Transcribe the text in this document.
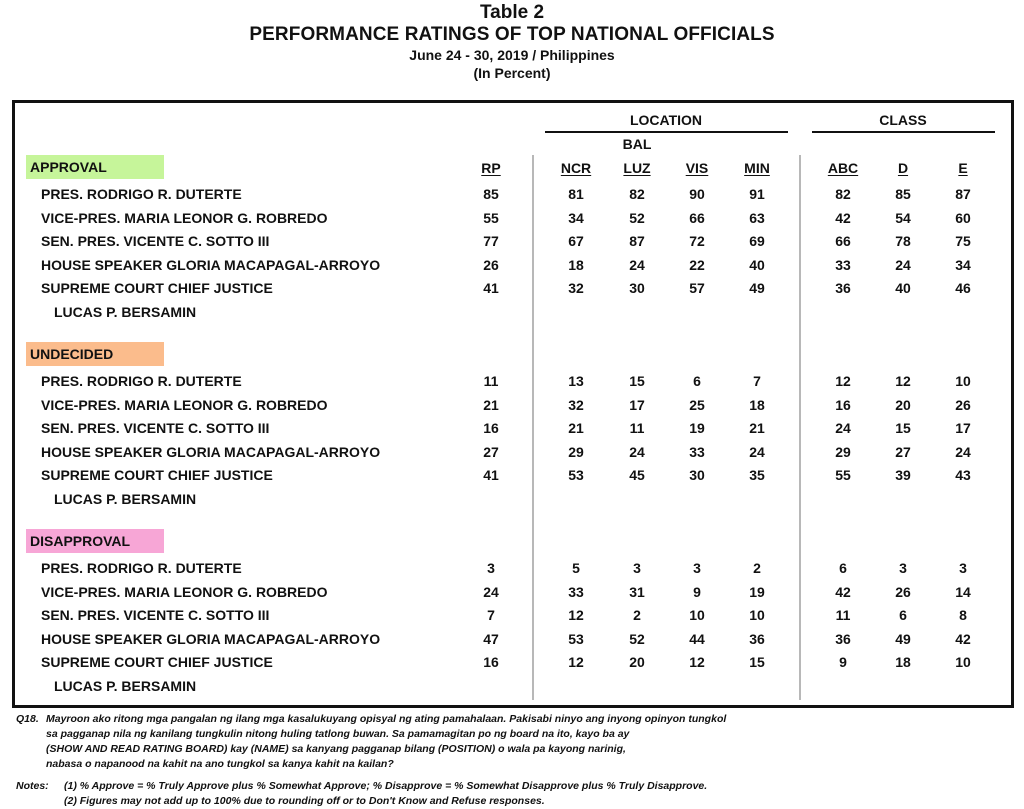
Table 2
PERFORMANCE RATINGS OF TOP NATIONAL OFFICIALS
June 24 - 30, 2019 / Philippines
(In Percent)
LOCATION	CLASS
BAL
RP	NCR	LUZ	VIS	MIN	ABC	D	E
APPROVAL
PRES. RODRIGO R. DUTERTE	85	81	82	90	91	82	85	87
VICE-PRES. MARIA LEONOR G. ROBREDO	55	34	52	66	63	42	54	60
SEN. PRES. VICENTE C. SOTTO III	77	67	87	72	69	66	78	75
HOUSE SPEAKER GLORIA MACAPAGAL-ARROYO	26	18	24	22	40	33	24	34
SUPREME COURT CHIEF JUSTICE	41	32	30	57	49	36	40	46
LUCAS P. BERSAMIN
UNDECIDED
PRES. RODRIGO R. DUTERTE	11	13	15	6	7	12	12	10
VICE-PRES. MARIA LEONOR G. ROBREDO	21	32	17	25	18	16	20	26
SEN. PRES. VICENTE C. SOTTO III	16	21	11	19	21	24	15	17
HOUSE SPEAKER GLORIA MACAPAGAL-ARROYO	27	29	24	33	24	29	27	24
SUPREME COURT CHIEF JUSTICE	41	53	45	30	35	55	39	43
LUCAS P. BERSAMIN
DISAPPROVAL
PRES. RODRIGO R. DUTERTE	3	5	3	3	2	6	3	3
VICE-PRES. MARIA LEONOR G. ROBREDO	24	33	31	9	19	42	26	14
SEN. PRES. VICENTE C. SOTTO III	7	12	2	10	10	11	6	8
HOUSE SPEAKER GLORIA MACAPAGAL-ARROYO	47	53	52	44	36	36	49	42
SUPREME COURT CHIEF JUSTICE	16	12	20	12	15	9	18	10
LUCAS P. BERSAMIN
Q18. Mayroon ako ritong mga pangalan ng ilang mga kasalukuyang opisyal ng ating pamahalaan. Pakisabi ninyo ang inyong opinyon tungkol
sa pagganap nila ng kanilang tungkulin nitong huling tatlong buwan. Sa pamamagitan po ng board na ito, kayo ba ay
(SHOW AND READ RATING BOARD) kay (NAME) sa kanyang pagganap bilang (POSITION) o wala pa kayong narinig,
nabasa o napanood na kahit na ano tungkol sa kanya kahit na kailan?
Notes: (1) % Approve = % Truly Approve plus % Somewhat Approve; % Disapprove = % Somewhat Disapprove plus % Truly Disapprove.
(2) Figures may not add up to 100% due to rounding off or to Don't Know and Refuse responses.
